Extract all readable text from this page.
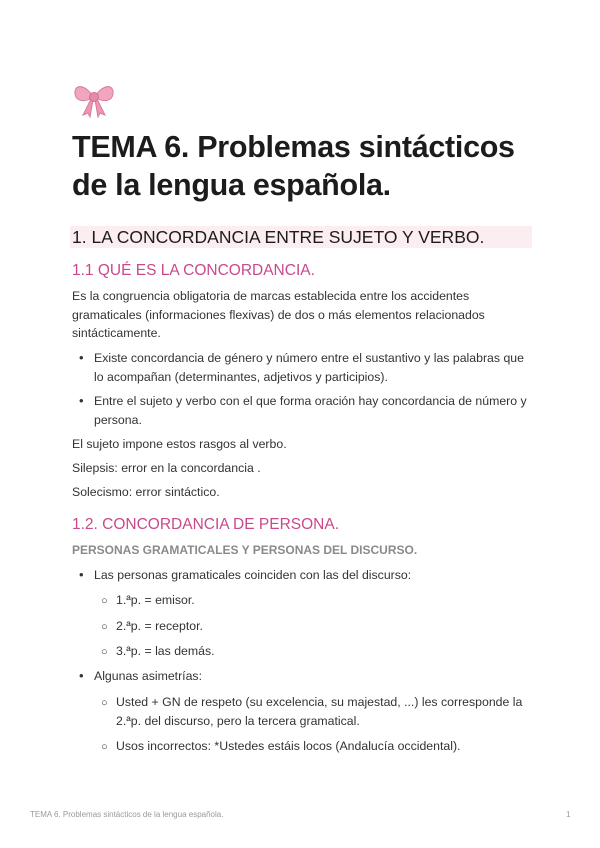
TEMA 6. Problemas sintácticos de la lengua española.
1. LA CONCORDANCIA ENTRE SUJETO Y VERBO.
1.1 QUÉ ES LA CONCORDANCIA.

Es la congruencia obligatoria de marcas establecida entre los accidentes gramaticales (informaciones flexivas) de dos o más elementos relacionados sintácticamente.

• Existe concordancia de género y número entre el sustantivo y las palabras que lo acompañan (determinantes, adjetivos y participios).
• Entre el sujeto y verbo con el que forma oración hay concordancia de número y persona.

El sujeto impone estos rasgos al verbo.

Silepsis: error en la concordancia .

Solecismo: error sintáctico.

1.2. CONCORDANCIA DE PERSONA.
PERSONAS GRAMATICALES Y PERSONAS DEL DISCURSO.
• Las personas gramaticales coinciden con las del discurso:
○ 1.ªp. = emisor.
○ 2.ªp. = receptor.
○ 3.ªp. = las demás.
• Algunas asimetrías:
○ Usted + GN de respeto (su excelencia, su majestad, ...) les corresponde la 2.ªp. del discurso, pero la tercera gramatical.
○ Usos incorrectos: *Ustedes estáis locos (Andalucía occidental).
TEMA 6. Problemas sintácticos de la lengua española.	1
